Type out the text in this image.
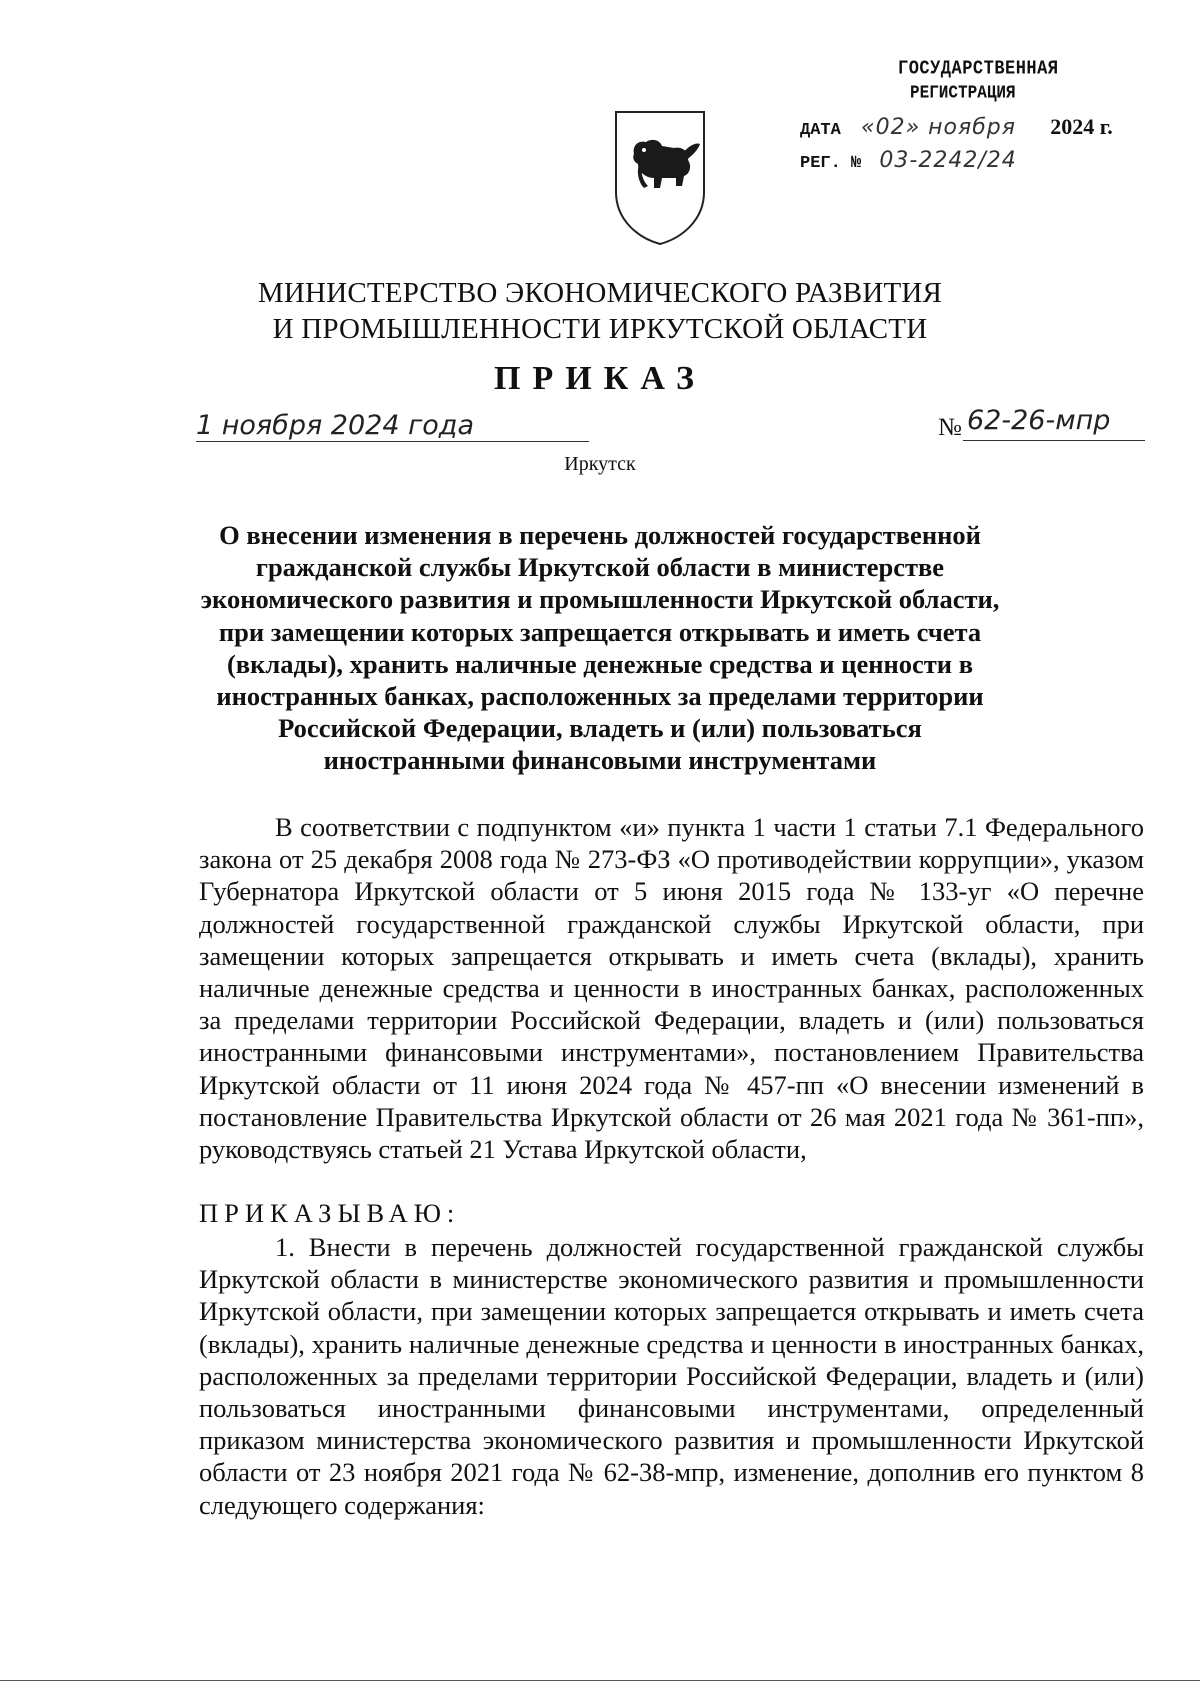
ГОСУДАРСТВЕННАЯ
РЕГИСТРАЦИЯ
ДАТА «02» ноября 2024 г.
РЕГ. № 03-2242/24
МИНИСТЕРСТВО ЭКОНОМИЧЕСКОГО РАЗВИТИЯ
И ПРОМЫШЛЕННОСТИ ИРКУТСКОЙ ОБЛАСТИ
ПРИКАЗ
1 ноября 2024 года	№ 62-26-мпр
Иркутск
О внесении изменения в перечень должностей государственной гражданской службы Иркутской области в министерстве экономического развития и промышленности Иркутской области, при замещении которых запрещается открывать и иметь счета (вклады), хранить наличные денежные средства и ценности в иностранных банках, расположенных за пределами территории Российской Федерации, владеть и (или) пользоваться иностранными финансовыми инструментами
В соответствии с подпунктом «и» пункта 1 части 1 статьи 7.1 Федерального закона от 25 декабря 2008 года № 273-ФЗ «О противодействии коррупции», указом Губернатора Иркутской области от 5 июня 2015 года № 133-уг «О перечне должностей государственной гражданской службы Иркутской области, при замещении которых запрещается открывать и иметь счета (вклады), хранить наличные денежные средства и ценности в иностранных банках, расположенных за пределами территории Российской Федерации, владеть и (или) пользоваться иностранными финансовыми инструментами», постановлением Правительства Иркутской области от 11 июня 2024 года № 457-пп «О внесении изменений в постановление Правительства Иркутской области от 26 мая 2021 года № 361-пп», руководствуясь статьей 21 Устава Иркутской области,
ПРИКАЗЫВАЮ:
1. Внести в перечень должностей государственной гражданской службы Иркутской области в министерстве экономического развития и промышленности Иркутской области, при замещении которых запрещается открывать и иметь счета (вклады), хранить наличные денежные средства и ценности в иностранных банках, расположенных за пределами территории Российской Федерации, владеть и (или) пользоваться иностранными финансовыми инструментами, определенный приказом министерства экономического развития и промышленности Иркутской области от 23 ноября 2021 года № 62-38-мпр, изменение, дополнив его пунктом 8 следующего содержания:
